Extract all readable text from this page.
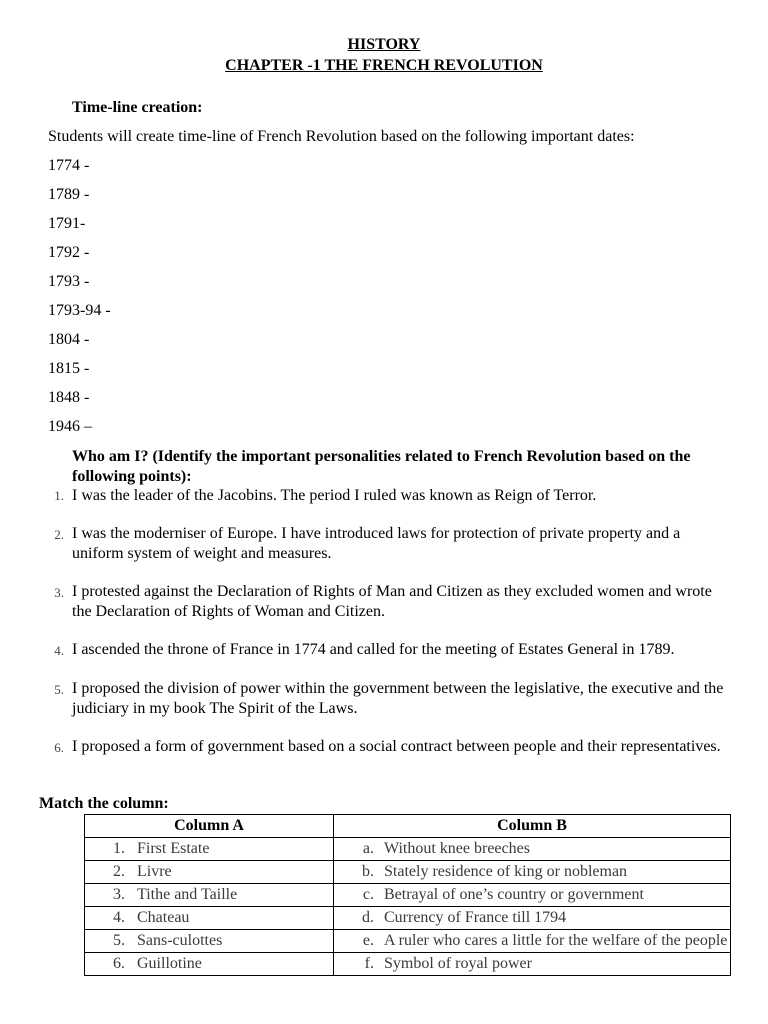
HISTORY
CHAPTER -1 THE FRENCH REVOLUTION
Time-line creation:
Students will create time-line of French Revolution based on the following important dates:
1774 -
1789 -
1791-
1792 -
1793 -
1793-94 -
1804 -
1815 -
1848 -
1946 –
Who am I? (Identify the important personalities related to French Revolution based on the following points):
1. I was the leader of the Jacobins. The period I ruled was known as Reign of Terror.
2. I was the moderniser of Europe. I have introduced laws for protection of private property and a uniform system of weight and measures.
3. I protested against the Declaration of Rights of Man and Citizen as they excluded women and wrote the Declaration of Rights of Woman and Citizen.
4. I ascended the throne of France in 1774 and called for the meeting of Estates General in 1789.
5. I proposed the division of power within the government between the legislative, the executive and the judiciary in my book The Spirit of the Laws.
6. I proposed a form of government based on a social contract between people and their representatives.
Match the column:
Column A	Column B

1. First Estate	a. Without knee breeches

2. Livre	b. Stately residence of king or nobleman

3. Tithe and Taille	c. Betrayal of one’s country or government

4. Chateau	d. Currency of France till 1794

5. Sans-culottes	e. A ruler who cares a little for the welfare of the people

6. Guillotine	f. Symbol of royal power
